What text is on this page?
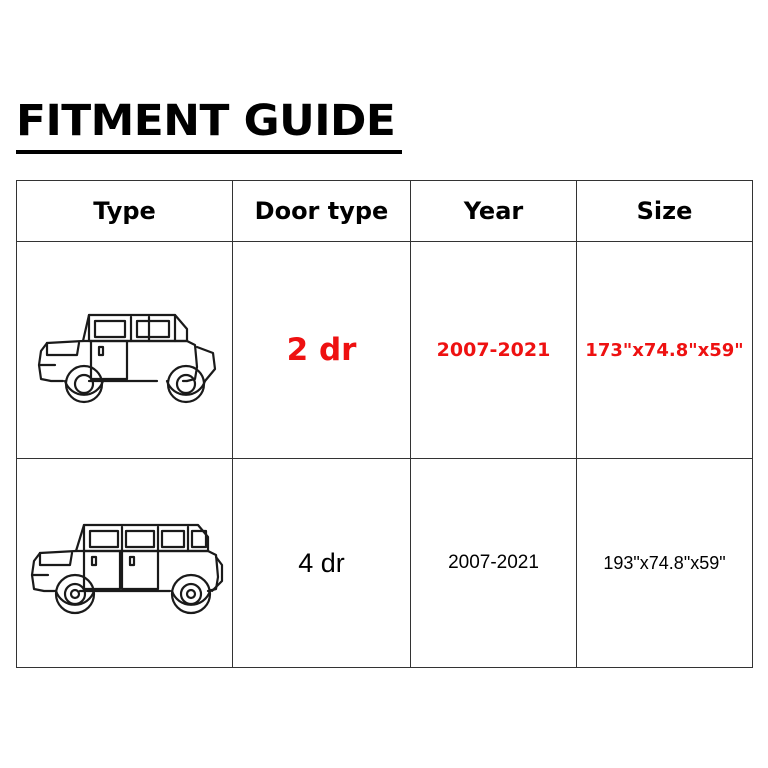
FITMENT GUIDE
Type	Door type	Year	Size

	2 dr	2007-2021	173"x74.8"x59"

	4 dr	2007-2021	193"x74.8"x59"
